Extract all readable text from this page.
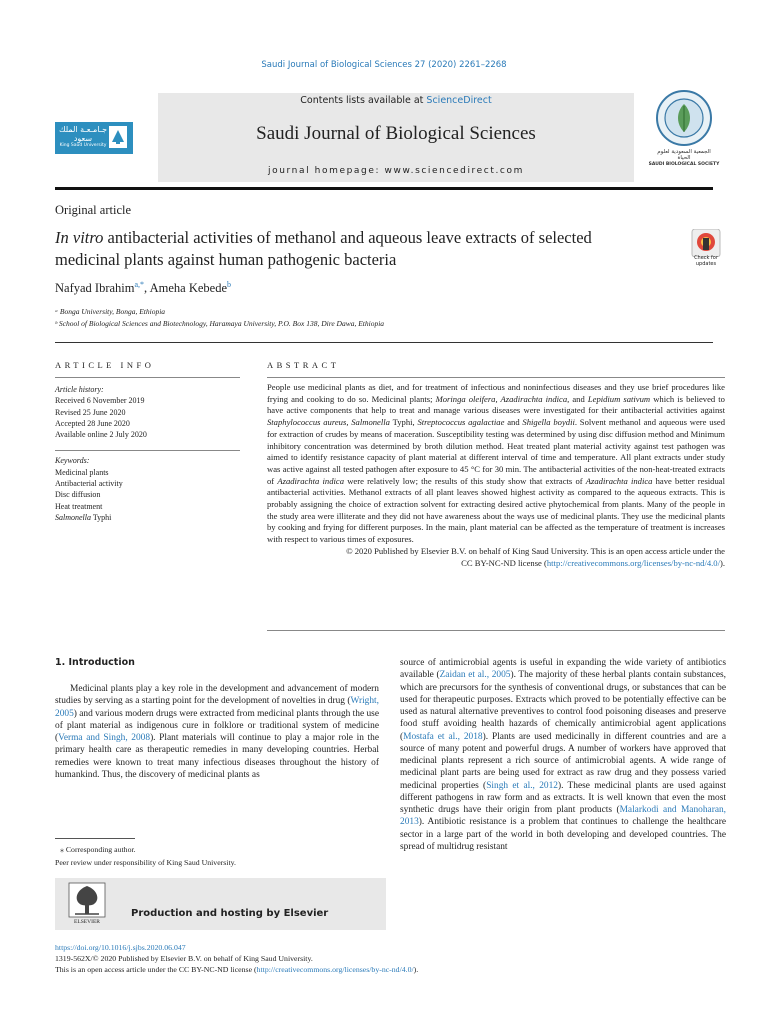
Saudi Journal of Biological Sciences 27 (2020) 2261–2268
جـامـعـة الملك سعود
King Saud University
Contents lists available at ScienceDirect
Saudi Journal of Biological Sciences
journal homepage: www.sciencedirect.com
الجمعية السعودية لعلوم الحياة
SAUDI BIOLOGICAL SOCIETY
Original article
In vitro antibacterial activities of methanol and aqueous leave extracts of selected medicinal plants against human pathogenic bacteria	Check for updates
Nafyad Ibrahim$^{a,*}$, Ameha Kebede$^b$
ᵃ Bonga University, Bonga, Ethiopia
ᵇ School of Biological Sciences and Biotechnology, Haramaya University, P.O. Box 138, Dire Dawa, Ethiopia
ARTICLE INFO
Article history:
Received 6 November 2019
Revised 25 June 2020
Accepted 28 June 2020
Available online 2 July 2020
Keywords:
Medicinal plants
Antibacterial activity
Disc diffusion
Heat treatment
Salmonella Typhi
ABSTRACT
People use medicinal plants as diet, and for treatment of infectious and noninfectious diseases and they use brief procedures like frying and cooking to do so. Medicinal plants; Moringa oleifera, Azadirachta indica, and Lepidium sativum which is believed to have active components that help to treat and manage various diseases were investigated for their antibacterial activities against Staphylococcus aureus, Salmonella Typhi, Streptococcus agalactiae and Shigella boydii. Solvent methanol and aqueous were used for extraction of crudes by means of maceration. Susceptibility testing was determined by using disc diffusion method and Minimum inhibitory concentration was determined by broth dilution method. Heat treated plant material activity against test pathogen was aimed to identify resistance capacity of plant material at different interval of time and temperature. All plant extracts under study was active against all tested pathogen after exposure to 45 °C for 30 min. The antibacterial activities of the non-heat-treated extracts of Azadirachta indica were relatively low; the results of this study show that extracts of Azadirachta indica have better residual antibacterial activities. Methanol extracts of all plant leaves showed highest activity as compared to the aqueous extracts. This is probably assigning the choice of extraction solvent for extracting desired active phytochemical from plants. Many of the people in the study area were illiterate and they did not have awareness about the ways use of medicinal plants. They use the medicinal plants by cooking and frying for different purposes. In the main, plant material can be affected as the temperature of treatment is increases with respect to various times of exposures.
© 2020 Published by Elsevier B.V. on behalf of King Saud University. This is an open access article under the
CC BY-NC-ND license (http://creativecommons.org/licenses/by-nc-nd/4.0/).
1. Introduction

Medicinal plants play a key role in the development and advancement of modern studies by serving as a starting point for the development of novelties in drug (Wright, 2005) and various modern drugs were extracted from medicinal plants through the use of plant material as indigenous cure in folklore or traditional system of medicine (Verma and Singh, 2008). Plant materials will continue to play a major role in the primary health care as therapeutic remedies in many developing countries. Herbal remedies were known to treat many infectious diseases throughout the history of humankind. Thus, the discovery of medicinal plants as

source of antimicrobial agents is useful in expanding the wide variety of antibiotics available (Zaidan et al., 2005). The majority of these herbal plants contain substances, which are precursors for the synthesis of conventional drugs, or substances that can be used for therapeutic purposes. Extracts which proved to be potentially effective can be used as natural alternative preventives to control food poisoning diseases and preserve food stuff avoiding health hazards of chemically antimicrobial agent applications (Mostafa et al., 2018). Plants are used medicinally in different countries and are a source of many potent and powerful drugs. A number of workers have approved that medicinal plants represent a rich source of antimicrobial agents. A wide range of medicinal plant parts are being used for extract as raw drug and they possess varied medicinal properties (Singh et al., 2012). These medicinal plants are used against different pathogens in raw form and as extracts. It is well known that even the most synthetic drugs have their origin from plant products (Malarkodi and Manoharan, 2013). Antibiotic resistance is a problem that continues to challenge the healthcare sector in a large part of the world in both developing and developed countries. The spread of multidrug resistant

⁎ Corresponding author.
Peer review under responsibility of King Saud University.
ELSEVIER
Production and hosting by Elsevier
https://doi.org/10.1016/j.sjbs.2020.06.047
1319-562X/© 2020 Published by Elsevier B.V. on behalf of King Saud University.
This is an open access article under the CC BY-NC-ND license (http://creativecommons.org/licenses/by-nc-nd/4.0/).
